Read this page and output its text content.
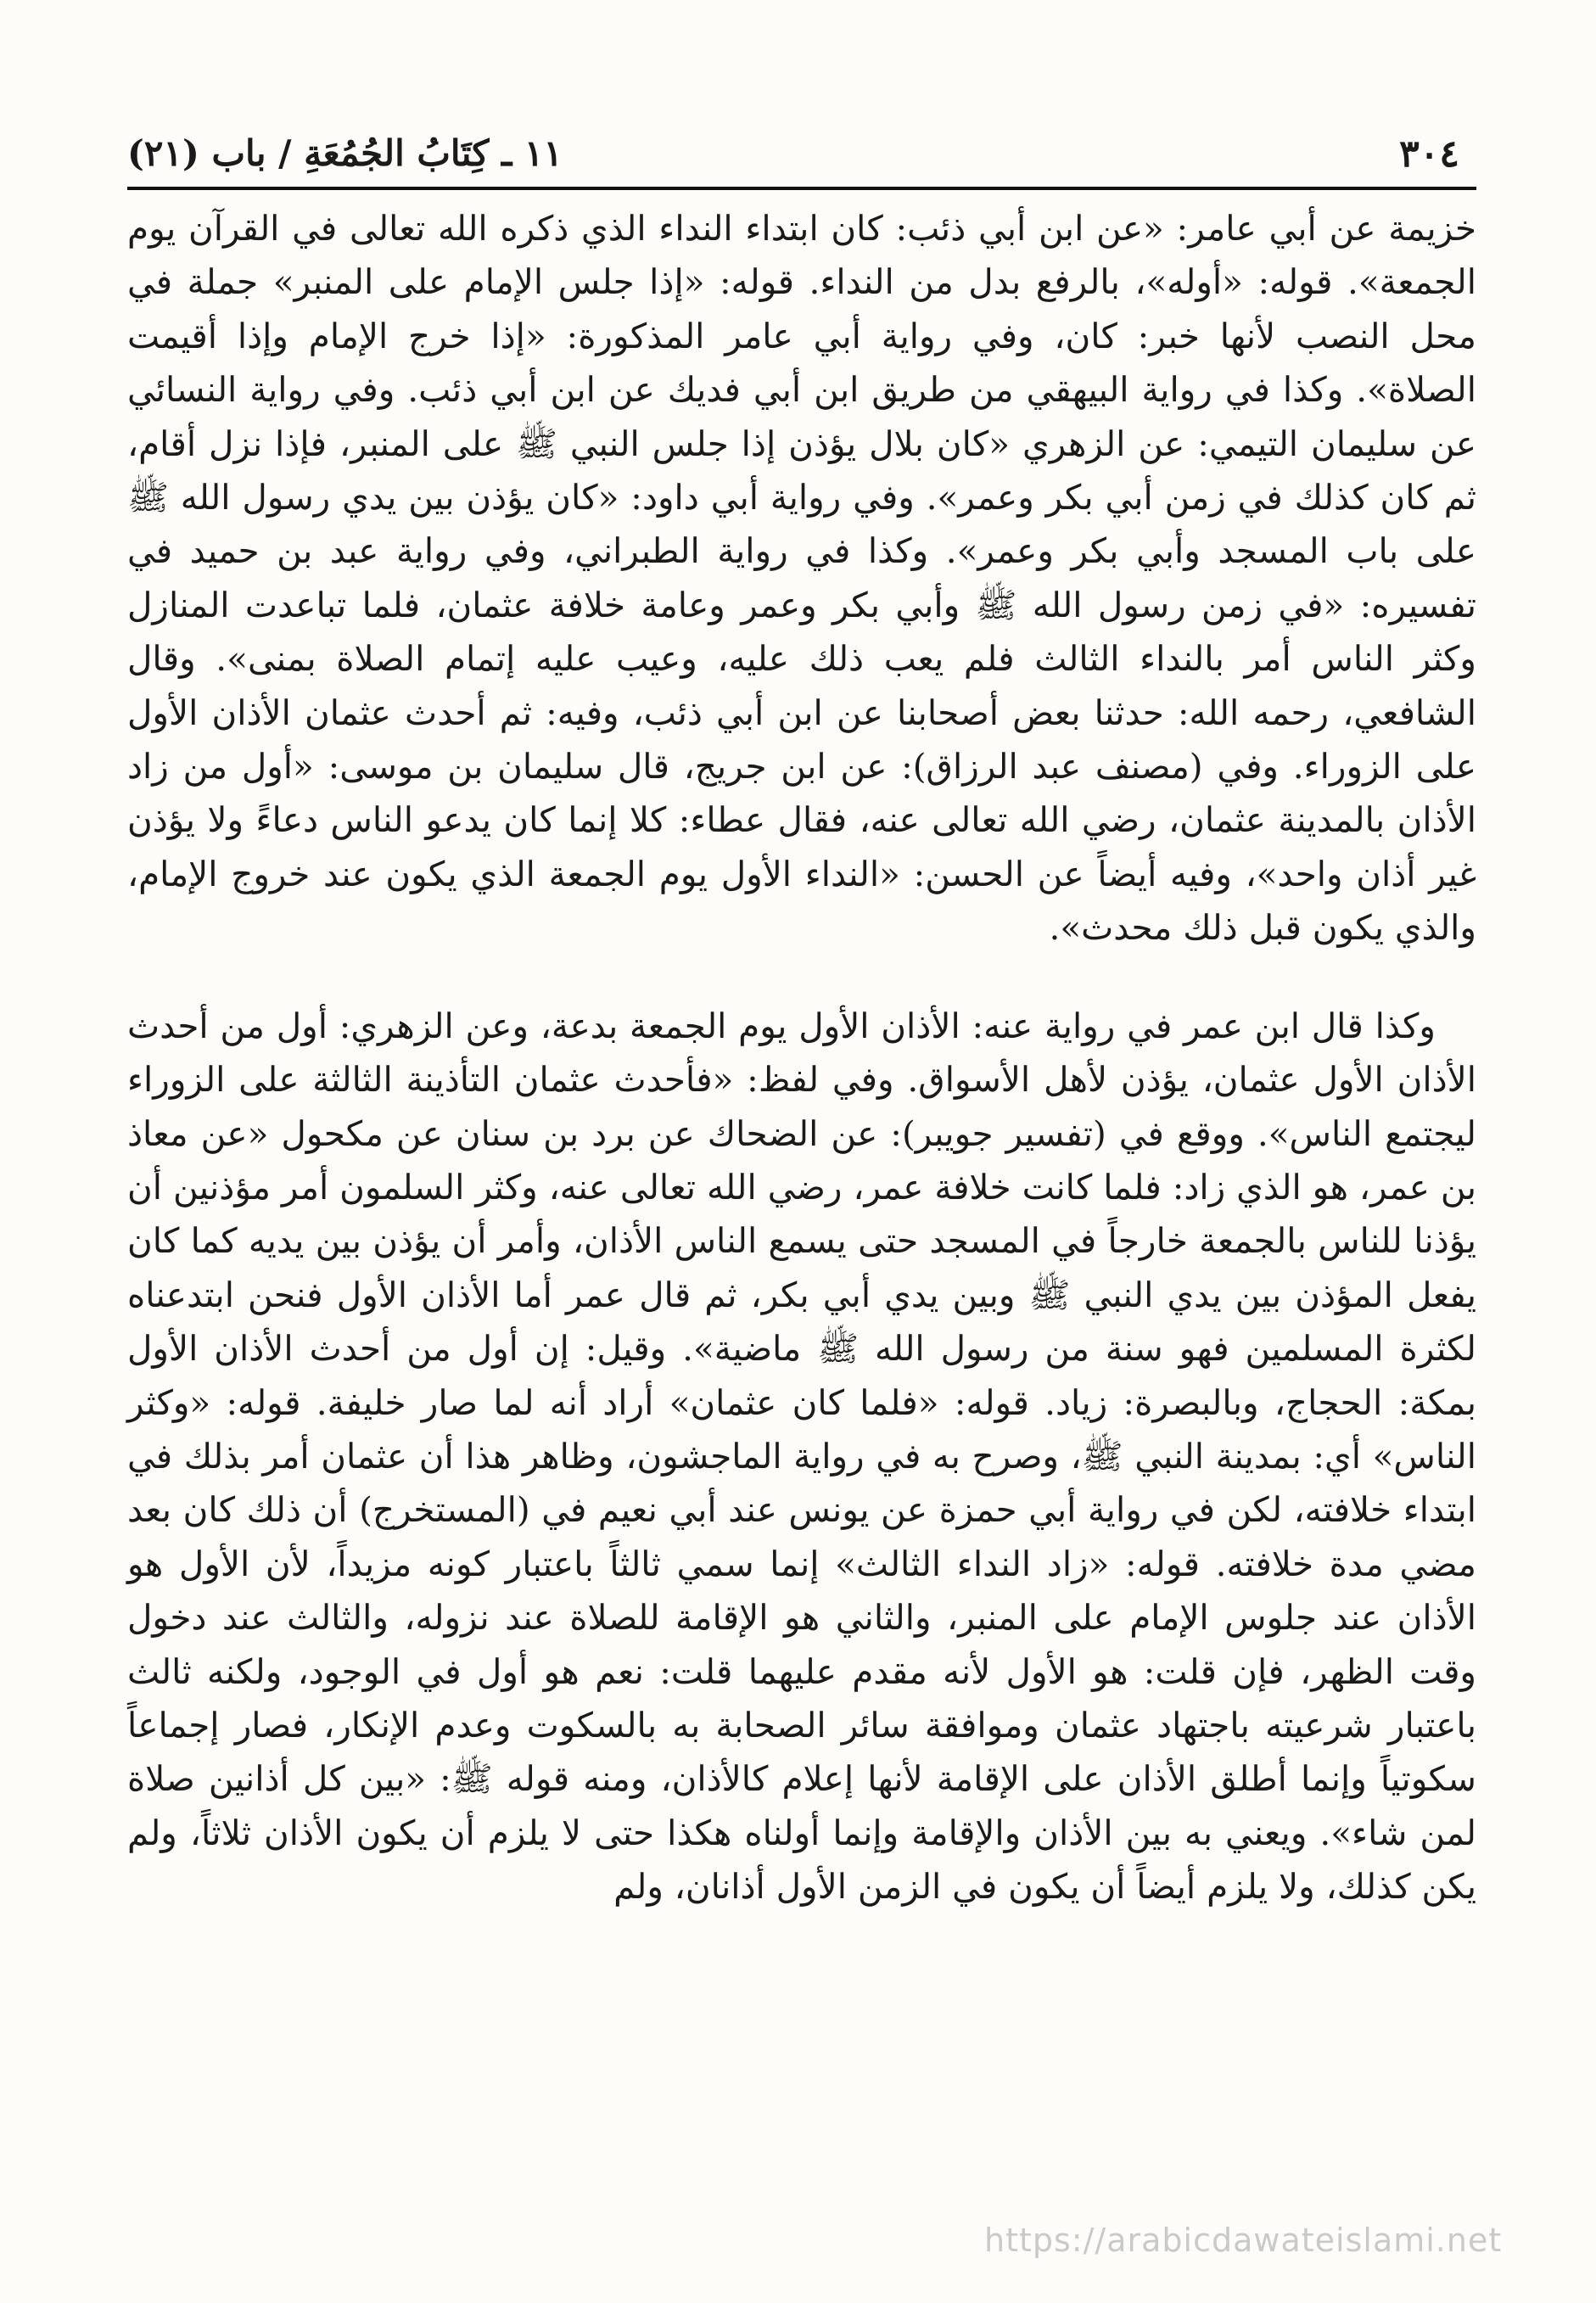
٣٠٤
١١ ـ كِتَابُ الجُمُعَةِ / باب (٢١)

خزيمة عن أبي عامر: «عن ابن أبي ذئب: كان ابتداء النداء الذي ذكره الله تعالى في القرآن يوم الجمعة». قوله: «أوله»، بالرفع بدل من النداء. قوله: «إذا جلس الإمام على المنبر» جملة في محل النصب لأنها خبر: كان، وفي رواية أبي عامر المذكورة: «إذا خرج الإمام وإذا أقيمت الصلاة». وكذا في رواية البيهقي من طريق ابن أبي فديك عن ابن أبي ذئب. وفي رواية النسائي عن سليمان التيمي: عن الزهري «كان بلال يؤذن إذا جلس النبي ﷺ على المنبر، فإذا نزل أقام، ثم كان كذلك في زمن أبي بكر وعمر». وفي رواية أبي داود: «كان يؤذن بين يدي رسول الله ﷺ على باب المسجد وأبي بكر وعمر». وكذا في رواية الطبراني، وفي رواية عبد بن حميد في تفسيره: «في زمن رسول الله ﷺ وأبي بكر وعمر وعامة خلافة عثمان، فلما تباعدت المنازل وكثر الناس أمر بالنداء الثالث فلم يعب ذلك عليه، وعيب عليه إتمام الصلاة بمنى». وقال الشافعي، رحمه الله: حدثنا بعض أصحابنا عن ابن أبي ذئب، وفيه: ثم أحدث عثمان الأذان الأول على الزوراء. وفي (مصنف عبد الرزاق): عن ابن جريج، قال سليمان بن موسى: «أول من زاد الأذان بالمدينة عثمان، رضي الله تعالى عنه، فقال عطاء: كلا إنما كان يدعو الناس دعاءً ولا يؤذن غير أذان واحد»، وفيه أيضاً عن الحسن: «النداء الأول يوم الجمعة الذي يكون عند خروج الإمام، والذي يكون قبل ذلك محدث».

وكذا قال ابن عمر في رواية عنه: الأذان الأول يوم الجمعة بدعة، وعن الزهري: أول من أحدث الأذان الأول عثمان، يؤذن لأهل الأسواق. وفي لفظ: «فأحدث عثمان التأذينة الثالثة على الزوراء ليجتمع الناس». ووقع في (تفسير جويبر): عن الضحاك عن برد بن سنان عن مكحول «عن معاذ بن عمر، هو الذي زاد: فلما كانت خلافة عمر، رضي الله تعالى عنه، وكثر السلمون أمر مؤذنين أن يؤذنا للناس بالجمعة خارجاً في المسجد حتى يسمع الناس الأذان، وأمر أن يؤذن بين يديه كما كان يفعل المؤذن بين يدي النبي ﷺ وبين يدي أبي بكر، ثم قال عمر أما الأذان الأول فنحن ابتدعناه لكثرة المسلمين فهو سنة من رسول الله ﷺ ماضية». وقيل: إن أول من أحدث الأذان الأول بمكة: الحجاج، وبالبصرة: زياد. قوله: «فلما كان عثمان» أراد أنه لما صار خليفة. قوله: «وكثر الناس» أي: بمدينة النبي ﷺ، وصرح به في رواية الماجشون، وظاهر هذا أن عثمان أمر بذلك في ابتداء خلافته، لكن في رواية أبي حمزة عن يونس عند أبي نعيم في (المستخرج) أن ذلك كان بعد مضي مدة خلافته. قوله: «زاد النداء الثالث» إنما سمي ثالثاً باعتبار كونه مزيداً، لأن الأول هو الأذان عند جلوس الإمام على المنبر، والثاني هو الإقامة للصلاة عند نزوله، والثالث عند دخول وقت الظهر، فإن قلت: هو الأول لأنه مقدم عليهما قلت: نعم هو أول في الوجود، ولكنه ثالث باعتبار شرعيته باجتهاد عثمان وموافقة سائر الصحابة به بالسكوت وعدم الإنكار، فصار إجماعاً سكوتياً وإنما أطلق الأذان على الإقامة لأنها إعلام كالأذان، ومنه قوله ﷺ: «بين كل أذانين صلاة لمن شاء». ويعني به بين الأذان والإقامة وإنما أولناه هكذا حتى لا يلزم أن يكون الأذان ثلاثاً، ولم يكن كذلك، ولا يلزم أيضاً أن يكون في الزمن الأول أذانان، ولم

https://arabicdawateislami.net
